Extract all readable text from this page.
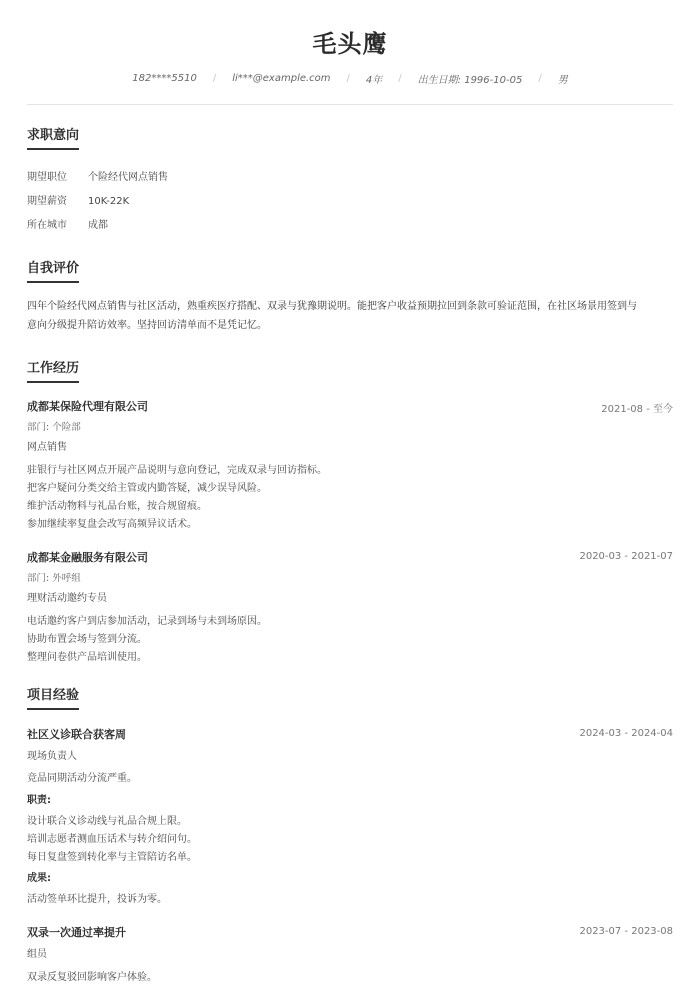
毛头鹰
182****5510 / li***@example.com / 4年 / 出生日期: 1996-10-05 / 男
求职意向
期望职位 个险经代网点销售
期望薪资 10K-22K
所在城市 成都
自我评价
四年个险经代网点销售与社区活动，熟重疾医疗搭配、双录与犹豫期说明。能把客户收益预期拉回到条款可验证范围，在社区场景用签到与
意向分级提升陪访效率。坚持回访清单而不是凭记忆。
工作经历
成都某保险代理有限公司	2021-08 - 至今
部门: 个险部
网点销售
驻银行与社区网点开展产品说明与意向登记，完成双录与回访指标。
把客户疑问分类交给主管或内勤答疑，减少误导风险。
维护活动物料与礼品台账，按合规留痕。
参加继续率复盘会改写高频异议话术。
成都某金融服务有限公司	2020-03 - 2021-07
部门: 外呼组
理财活动邀约专员
电话邀约客户到店参加活动，记录到场与未到场原因。
协助布置会场与签到分流。
整理问卷供产品培训使用。
项目经验
社区义诊联合获客周	2024-03 - 2024-04
现场负责人
竞品同期活动分流严重。
职责:
设计联合义诊动线与礼品合规上限。
培训志愿者测血压话术与转介绍问句。
每日复盘签到转化率与主管陪访名单。
成果:
活动签单环比提升，投诉为零。
双录一次通过率提升	2023-07 - 2023-08
组员
双录反复驳回影响客户体验。
